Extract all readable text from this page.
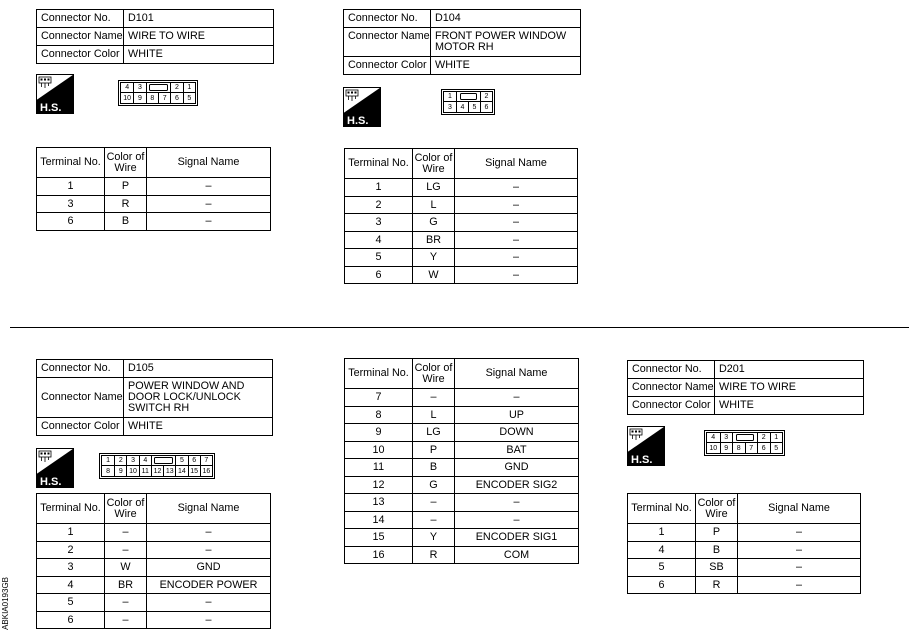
Connector No.	D101
Connector Name	WIRE TO WIRE
Connector Color	WHITE
H.S.
4	3	2	1
10 9	8	7	6	5
Terminal No.	Color of Wire	Signal Name
1	P	–
3	R	–
6	B	–
Connector No.	D104
Connector Name	FRONT POWER WINDOW MOTOR RH
Connector Color	WHITE
H.S.
1	2
3	4	5	6
Terminal No.	Color of Wire	Signal Name
1	LG	–
2	L	–
3	G	–
4	BR	–
5	Y	–
6	W	–
Connector No.	D105
Connector Name	POWER WINDOW AND DOOR LOCK/UNLOCK SWITCH RH
Connector Color	WHITE
H.S.
1	2	3	4	5	6	7
8	9 10 11 12 13 14 15 16
Terminal No.	Color of Wire	Signal Name
1	–	–
2	–	–
3	W	GND
4	BR	ENCODER POWER
5	–	–
6	–	–
Terminal No.	Color of Wire	Signal Name
7	–	–
8	L	UP
9	LG	DOWN
10	P	BAT
11	B	GND
12	G	ENCODER SIG2
13	–	–
14	–	–
15	Y	ENCODER SIG1
16	R	COM
Connector No.	D201
Connector Name	WIRE TO WIRE
Connector Color	WHITE
H.S.
4	3	2	1
10	9	8	7	6	5
Terminal No.	Color of Wire	Signal Name
1	P	–
4	B	–
5	SB	–
6	R	–
ABKIA0193GB
